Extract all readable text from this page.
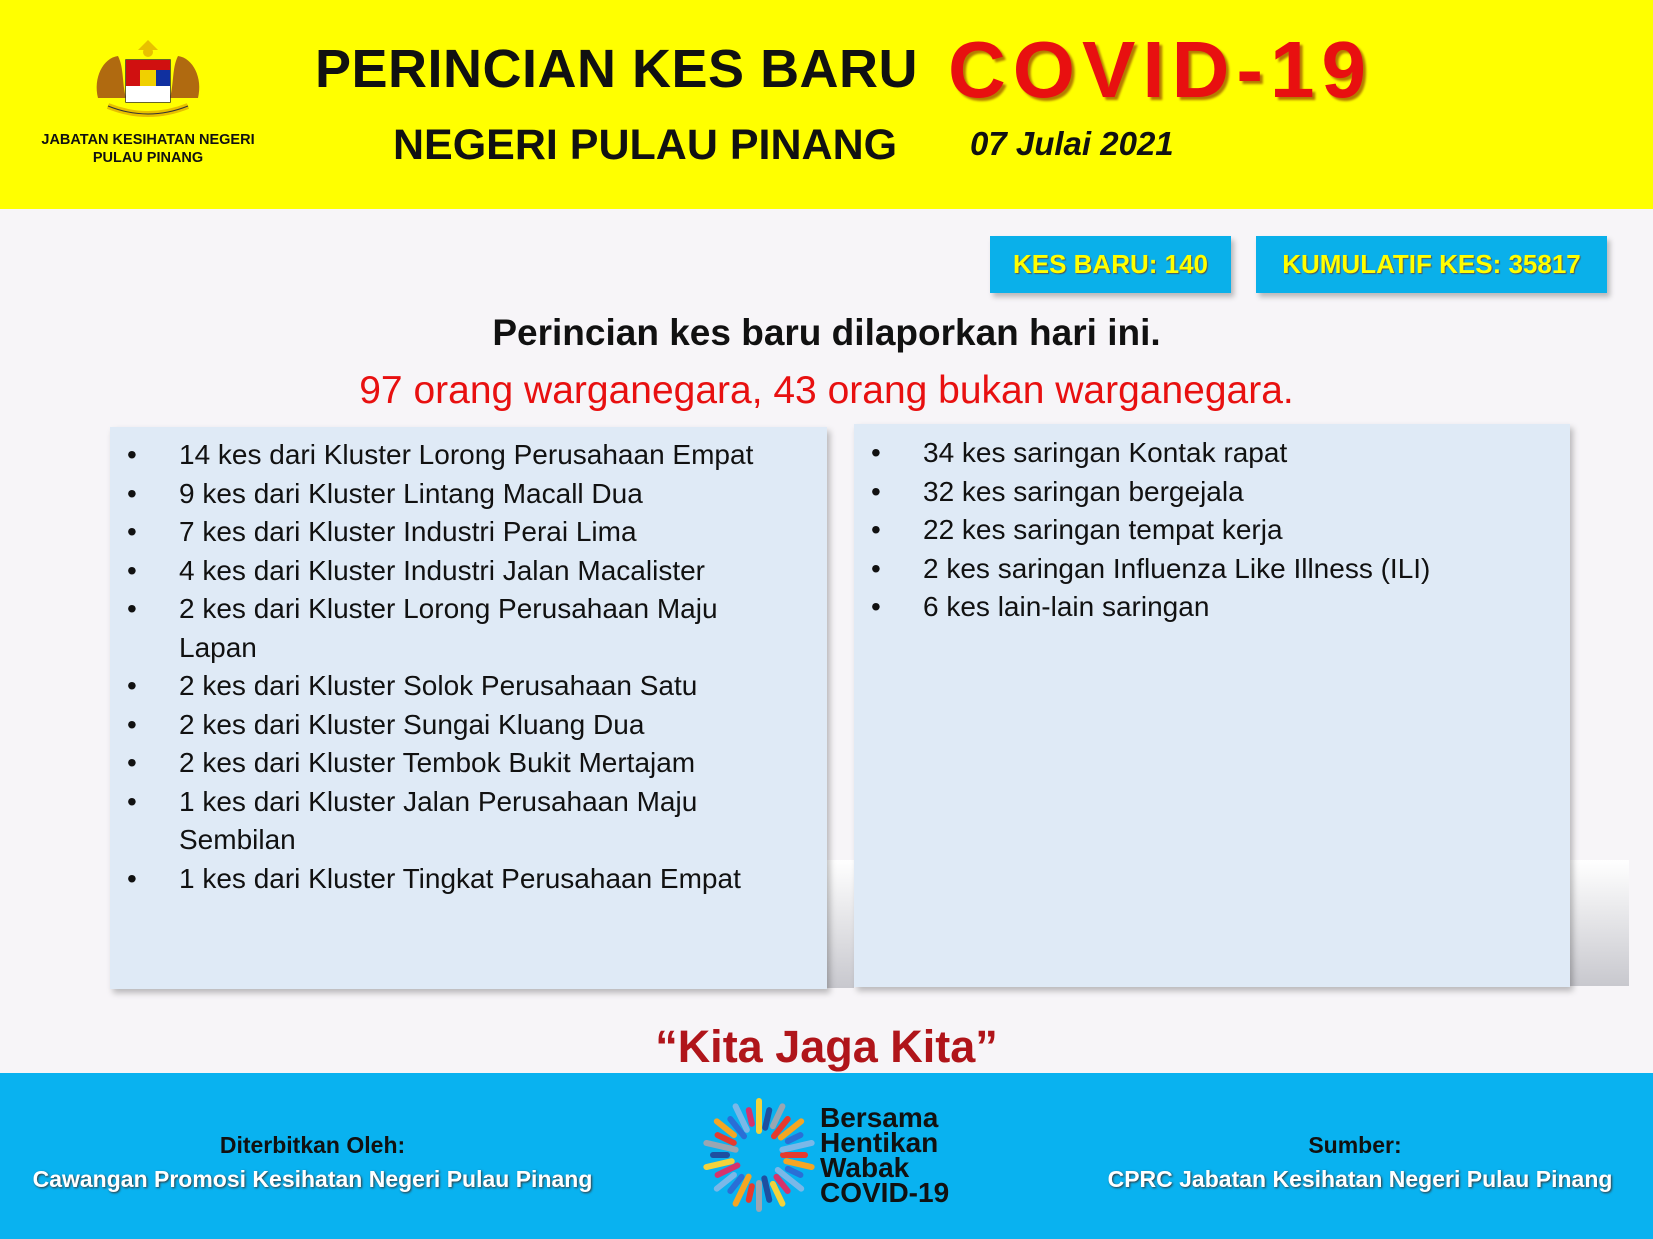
JABATAN KESIHATAN NEGERI
PULAU PINANG
PERINCIAN KES BARU COVID-19
NEGERI PULAU PINANG 07 Julai 2021
KES BARU: 140	KUMULATIF KES: 35817
Perincian kes baru dilaporkan hari ini.
97 orang warganegara, 43 orang bukan warganegara.
• 14 kes dari Kluster Lorong Perusahaan Empat
• 9 kes dari Kluster Lintang Macall Dua
• 7 kes dari Kluster Industri Perai Lima
• 4 kes dari Kluster Industri Jalan Macalister
• 2 kes dari Kluster Lorong Perusahaan Maju Lapan
• 2 kes dari Kluster Solok Perusahaan Satu
• 2 kes dari Kluster Sungai Kluang Dua
• 2 kes dari Kluster Tembok Bukit Mertajam
• 1 kes dari Kluster Jalan Perusahaan Maju Sembilan
• 1 kes dari Kluster Tingkat Perusahaan Empat
• 34 kes saringan Kontak rapat
• 32 kes saringan bergejala
• 22 kes saringan tempat kerja
• 2 kes saringan Influenza Like Illness (ILI)
• 6 kes lain-lain saringan
“Kita Jaga Kita”
Diterbitkan Oleh:
Cawangan Promosi Kesihatan Negeri Pulau Pinang
Sumber:
CPRC Jabatan Kesihatan Negeri Pulau Pinang
Bersama
Hentikan
Wabak
COVID-19
